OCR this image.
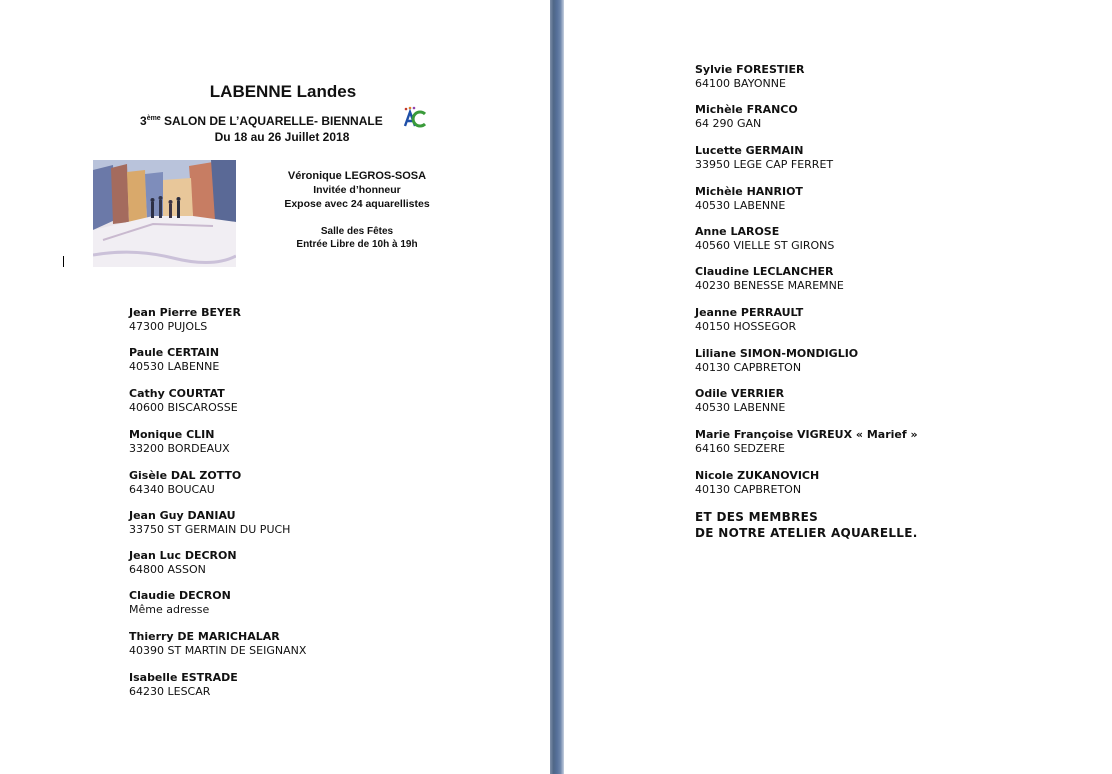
LABENNE Landes
3ème SALON DE L’AQUARELLE- BIENNALE
Du 18 au 26 Juillet 2018
Véronique LEGROS-SOSA
Invitée d’honneur
Expose avec 24 aquarellistes
Salle des Fêtes
Entrée Libre de 10h à 19h
Jean Pierre BEYER
47300 PUJOLS
Paule CERTAIN
40530 LABENNE
Cathy COURTAT
40600 BISCAROSSE
Monique CLIN
33200 BORDEAUX
Gisèle DAL ZOTTO
64340 BOUCAU
Jean Guy DANIAU
33750 ST GERMAIN DU PUCH
Jean Luc DECRON
64800 ASSON
Claudie DECRON
Même adresse
Thierry DE MARICHALAR
40390 ST MARTIN DE SEIGNANX
Isabelle ESTRADE
64230 LESCAR
Sylvie FORESTIER
64100 BAYONNE
Michèle FRANCO
64 290 GAN
Lucette GERMAIN
33950 LEGE CAP FERRET
Michèle HANRIOT
40530 LABENNE
Anne LAROSE
40560 VIELLE ST GIRONS
Claudine LECLANCHER
40230 BENESSE MAREMNE
Jeanne PERRAULT
40150 HOSSEGOR
Liliane SIMON-MONDIGLIO
40130 CAPBRETON
Odile VERRIER
40530 LABENNE
Marie Françoise VIGREUX « Marief »
64160 SEDZERE
Nicole ZUKANOVICH
40130 CAPBRETON
ET DES MEMBRES
DE NOTRE ATELIER AQUARELLE.
